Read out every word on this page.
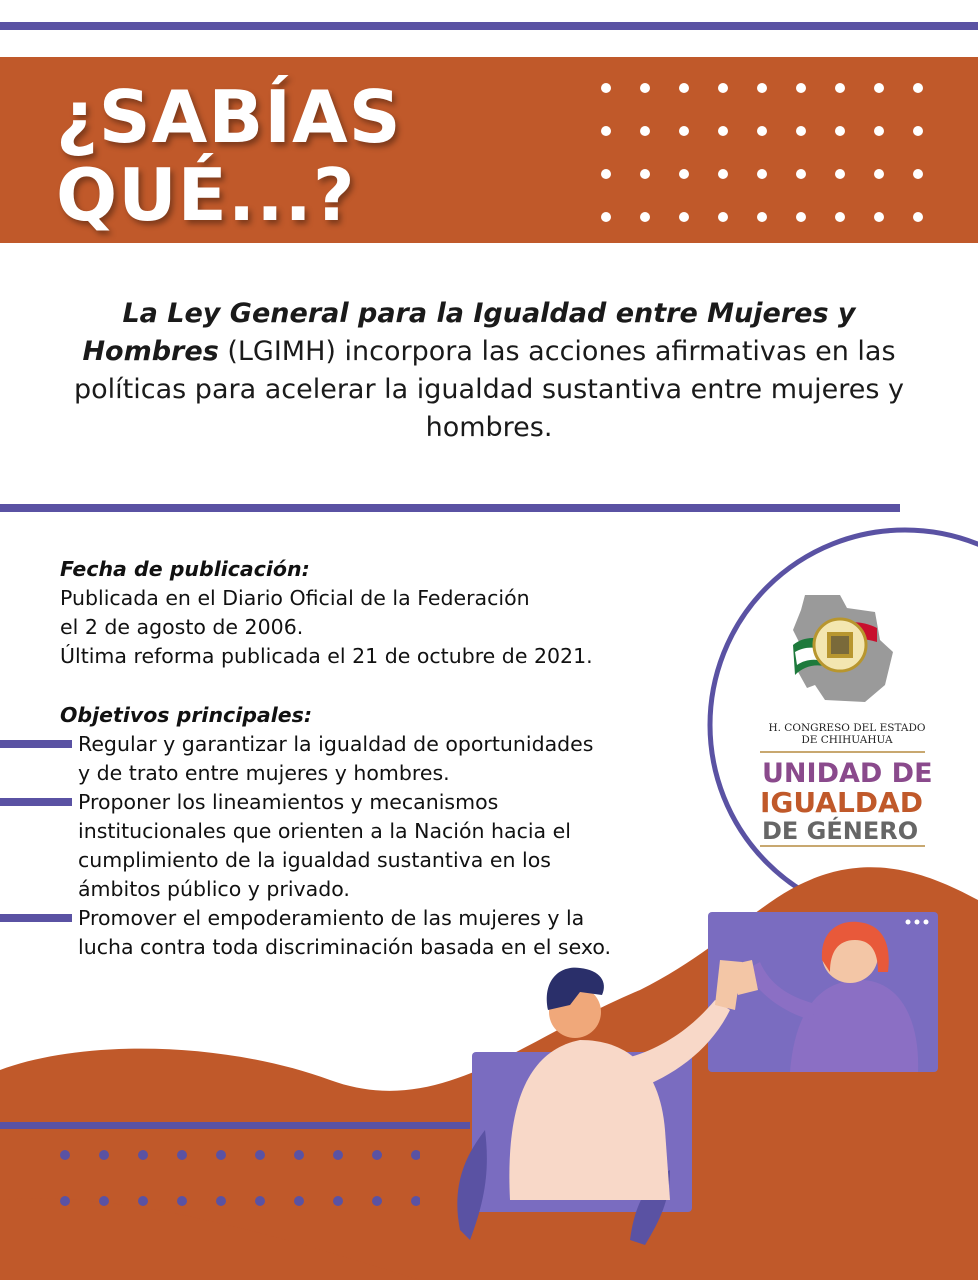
¿SABÍAS
QUÉ...?

La Ley General para la Igualdad entre Mujeres y Hombres (LGIMH) incorpora las acciones afirmativas en las políticas para acelerar la igualdad sustantiva entre mujeres y hombres.

Fecha de publicación:

Publicada en el Diario Oficial de la Federación

el 2 de agosto de 2006.

Última reforma publicada el 21 de octubre de 2021.

Objetivos principales:

Regular y garantizar la igualdad de oportunidades

y de trato entre mujeres y hombres.

Proponer los lineamientos y mecanismos

institucionales que orienten a la Nación hacia el

cumplimiento de la igualdad sustantiva en los

ámbitos público y privado.

Promover el empoderamiento de las mujeres y la

lucha contra toda discriminación basada en el sexo.

H. CONGRESO DEL ESTADO
DE CHIHUAHUA

UNIDAD DE

IGUALDAD

DE GÉNERO
